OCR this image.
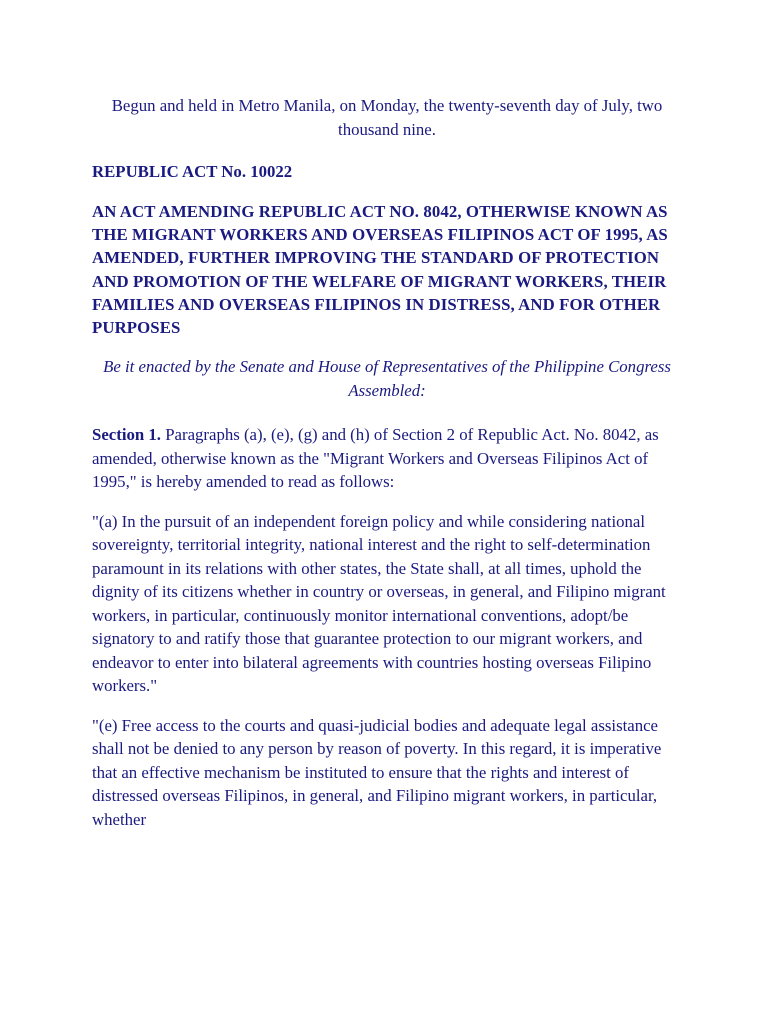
Begun and held in Metro Manila, on Monday, the twenty-seventh day of July, two thousand nine.

REPUBLIC ACT No. 10022

AN ACT AMENDING REPUBLIC ACT NO. 8042, OTHERWISE KNOWN AS THE MIGRANT WORKERS AND OVERSEAS FILIPINOS ACT OF 1995, AS AMENDED, FURTHER IMPROVING THE STANDARD OF PROTECTION AND PROMOTION OF THE WELFARE OF MIGRANT WORKERS, THEIR FAMILIES AND OVERSEAS FILIPINOS IN DISTRESS, AND FOR OTHER PURPOSES

Be it enacted by the Senate and House of Representatives of the Philippine Congress Assembled:

Section 1. Paragraphs (a), (e), (g) and (h) of Section 2 of Republic Act. No. 8042, as amended, otherwise known as the "Migrant Workers and Overseas Filipinos Act of 1995," is hereby amended to read as follows:

"(a) In the pursuit of an independent foreign policy and while considering national sovereignty, territorial integrity, national interest and the right to self-determination paramount in its relations with other states, the State shall, at all times, uphold the dignity of its citizens whether in country or overseas, in general, and Filipino migrant workers, in particular, continuously monitor international conventions, adopt/be signatory to and ratify those that guarantee protection to our migrant workers, and endeavor to enter into bilateral agreements with countries hosting overseas Filipino workers."

"(e) Free access to the courts and quasi-judicial bodies and adequate legal assistance shall not be denied to any person by reason of poverty. In this regard, it is imperative that an effective mechanism be instituted to ensure that the rights and interest of distressed overseas Filipinos, in general, and Filipino migrant workers, in particular, whether
